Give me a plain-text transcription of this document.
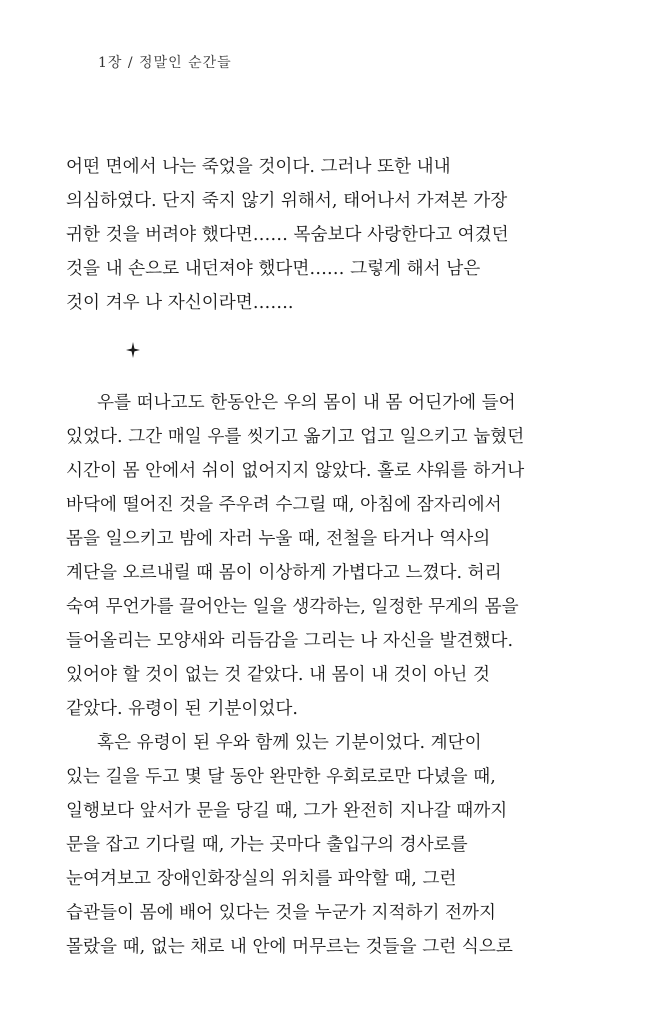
1장 / 정말인 순간들
어떤 면에서 나는 죽었을 것이다. 그러나 또한 내내
의심하였다. 단지 죽지 않기 위해서, 태어나서 가져본 가장
귀한 것을 버려야 했다면…… 목숨보다 사랑한다고 여겼던
것을 내 손으로 내던져야 했다면…… 그렇게 해서 남은
것이 겨우 나 자신이라면…….
우를 떠나고도 한동안은 우의 몸이 내 몸 어딘가에 들어
있었다. 그간 매일 우를 씻기고 옮기고 업고 일으키고 눕혔던
시간이 몸 안에서 쉬이 없어지지 않았다. 홀로 샤워를 하거나
바닥에 떨어진 것을 주우려 수그릴 때, 아침에 잠자리에서
몸을 일으키고 밤에 자러 누울 때, 전철을 타거나 역사의
계단을 오르내릴 때 몸이 이상하게 가볍다고 느꼈다. 허리
숙여 무언가를 끌어안는 일을 생각하는, 일정한 무게의 몸을
들어올리는 모양새와 리듬감을 그리는 나 자신을 발견했다.
있어야 할 것이 없는 것 같았다. 내 몸이 내 것이 아닌 것
같았다. 유령이 된 기분이었다.
혹은 유령이 된 우와 함께 있는 기분이었다. 계단이
있는 길을 두고 몇 달 동안 완만한 우회로로만 다녔을 때,
일행보다 앞서가 문을 당길 때, 그가 완전히 지나갈 때까지
문을 잡고 기다릴 때, 가는 곳마다 출입구의 경사로를
눈여겨보고 장애인화장실의 위치를 파악할 때, 그런
습관들이 몸에 배어 있다는 것을 누군가 지적하기 전까지
몰랐을 때, 없는 채로 내 안에 머무르는 것들을 그런 식으로
